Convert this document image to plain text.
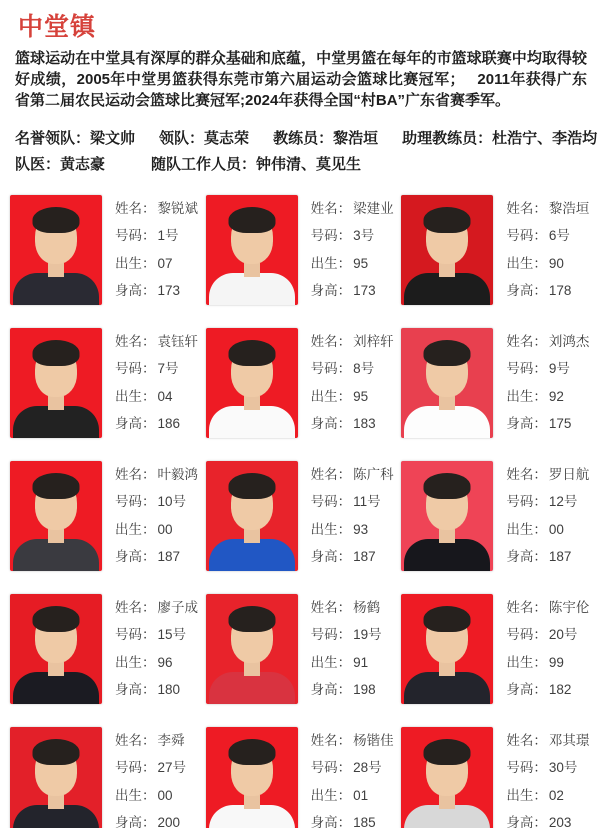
中堂镇
篮球运动在中堂具有深厚的群众基础和底蕴，中堂男篮在每年的市篮球联赛中均取得较好成绩，2005年中堂男篮获得东莞市第六届运动会篮球比赛冠军；　 2011年获得广东省第二届农民运动会篮球比赛冠军;2024年获得全国“村BA”广东省赛季军。
名誉领队：梁文帅 领队：莫志荣 教练员：黎浩垣 助理教练员：杜浩宁、李浩均
队医：黄志豪	随队工作人员：钟伟清、莫见生
姓名： 黎锐斌
号码： 1号
出生： 07
身高： 173
姓名： 梁建业
号码： 3号
出生： 95
身高： 173
姓名： 黎浩垣
号码： 6号
出生： 90
身高： 178
姓名： 袁钰轩
号码： 7号
出生： 04
身高： 186
姓名： 刘梓轩
号码： 8号
出生： 95
身高： 183
姓名： 刘鸿杰
号码： 9号
出生： 92
身高： 175
姓名： 叶毅鸿
号码： 10号
出生： 00
身高： 187
姓名： 陈广科
号码： 11号
出生： 93
身高： 187
姓名： 罗日航
号码： 12号
出生： 00
身高： 187
姓名： 廖子成
号码： 15号
出生： 96
身高： 180
姓名： 杨鹤
号码： 19号
出生： 91
身高： 198
姓名： 陈宇伦
号码： 20号
出生： 99
身高： 182
姓名： 李舜
号码： 27号
出生： 00
身高： 200
姓名： 杨锴佳
号码： 28号
出生： 01
身高： 185
姓名： 邓其璟
号码： 30号
出生： 02
身高： 203
